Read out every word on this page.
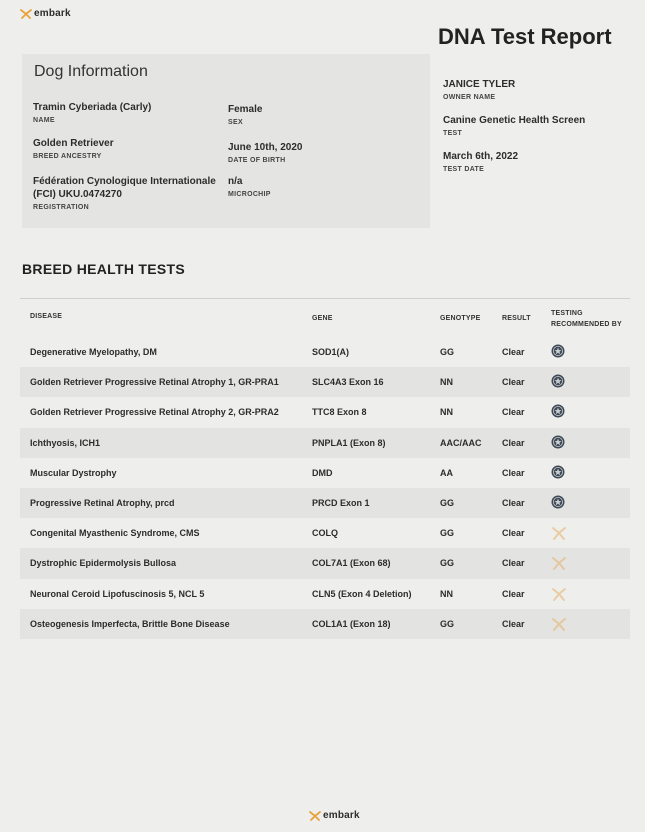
embark
DNA Test Report
Dog Information
Tramin Cyberiada (Carly)
NAME
Female
SEX
Golden Retriever
BREED ANCESTRY
June 10th, 2020
DATE OF BIRTH
Fédération Cynologique Internationale
(FCI) UKU.0474270
REGISTRATION
n/a
MICROCHIP
JANICE TYLER
OWNER NAME
Canine Genetic Health Screen
TEST
March 6th, 2022
TEST DATE
BREED HEALTH TESTS
DISEASE	GENE	GENOTYPE	RESULT
TESTING
RECOMMENDED BY
Degenerative Myelopathy, DM	SOD1(A)	GG	Clear
Golden Retriever Progressive Retinal Atrophy 1, GR-PRA1	SLC4A3 Exon 16	NN	Clear
Golden Retriever Progressive Retinal Atrophy 2, GR-PRA2	TTC8 Exon 8	NN	Clear
Ichthyosis, ICH1	PNPLA1 (Exon 8)	AAC/AAC Clear
Muscular Dystrophy	DMD	AA	Clear
Progressive Retinal Atrophy, prcd	PRCD Exon 1	GG	Clear
Congenital Myasthenic Syndrome, CMS	COLQ	GG	Clear
Dystrophic Epidermolysis Bullosa	COL7A1 (Exon 68)	GG	Clear
Neuronal Ceroid Lipofuscinosis 5, NCL 5	CLN5 (Exon 4 Deletion)	NN	Clear
Osteogenesis Imperfecta, Brittle Bone Disease	COL1A1 (Exon 18)	GG	Clear
embark
